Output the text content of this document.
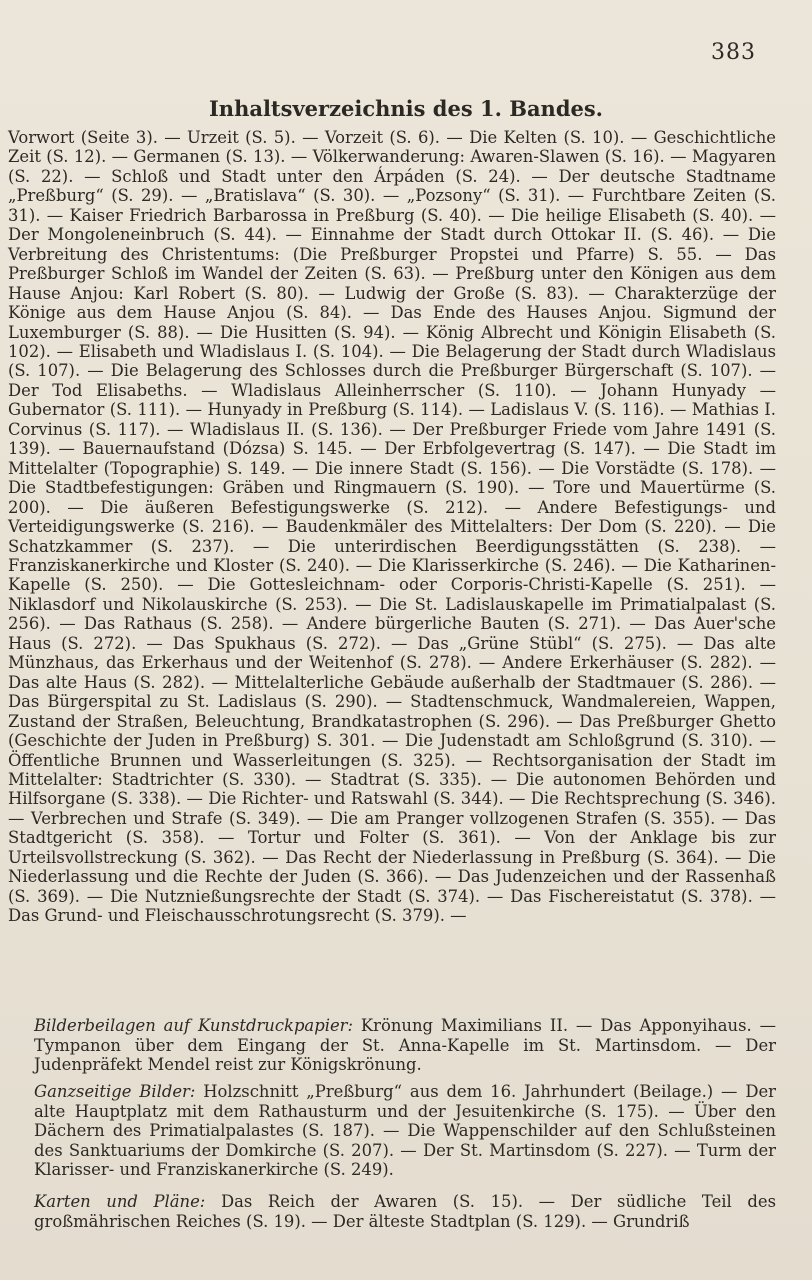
383
Inhaltsverzeichnis des 1. Bandes.

Vorwort (Seite 3). — Urzeit (S. 5). — Vorzeit (S. 6). — Die Kelten (S. 10). — Geschichtliche Zeit (S. 12). — Germanen (S. 13). — Völkerwanderung: Awaren-Slawen (S. 16). — Magyaren (S. 22). — Schloß und Stadt unter den Árpáden (S. 24). — Der deutsche Stadtname „Preßburg“ (S. 29). — „Bratislava“ (S. 30). — „Pozsony“ (S. 31). — Furchtbare Zeiten (S. 31). — Kaiser Friedrich Barbarossa in Preßburg (S. 40). — Die heilige Elisabeth (S. 40). — Der Mongoleneinbruch (S. 44). — Einnahme der Stadt durch Ottokar II. (S. 46). — Die Verbreitung des Christentums: (Die Preßburger Propstei und Pfarre) S. 55. — Das Preßburger Schloß im Wandel der Zeiten (S. 63). — Preßburg unter den Königen aus dem Hause Anjou: Karl Robert (S. 80). — Ludwig der Große (S. 83). — Charakterzüge der Könige aus dem Hause Anjou (S. 84). — Das Ende des Hauses Anjou. Sigmund der Luxemburger (S. 88). — Die Husitten (S. 94). — König Albrecht und Königin Elisabeth (S. 102). — Elisabeth und Wladislaus I. (S. 104). — Die Belagerung der Stadt durch Wladislaus (S. 107). — Die Belagerung des Schlosses durch die Preßburger Bürgerschaft (S. 107). — Der Tod Elisabeths. — Wladislaus Alleinherrscher (S. 110). — Johann Hunyady — Gubernator (S. 111). — Hunyady in Preßburg (S. 114). — Ladislaus V. (S. 116). — Mathias I. Corvinus (S. 117). — Wladislaus II. (S. 136). — Der Preßburger Friede vom Jahre 1491 (S. 139). — Bauernaufstand (Dózsa) S. 145. — Der Erbfolgevertrag (S. 147). — Die Stadt im Mittelalter (Topographie) S. 149. — Die innere Stadt (S. 156). — Die Vorstädte (S. 178). — Die Stadtbefestigungen: Gräben und Ringmauern (S. 190). — Tore und Mauertürme (S. 200). — Die äußeren Befestigungswerke (S. 212). — Andere Befestigungs- und Verteidigungswerke (S. 216). — Baudenkmäler des Mittelalters: Der Dom (S. 220). — Die Schatzkammer (S. 237). — Die unterirdischen Beerdigungsstätten (S. 238). — Franziskanerkirche und Kloster (S. 240). — Die Klarisserkirche (S. 246). — Die Katharinen-Kapelle (S. 250). — Die Gottesleichnam- oder Corporis-Christi-Kapelle (S. 251). — Niklasdorf und Nikolauskirche (S. 253). — Die St. Ladislauskapelle im Primatialpalast (S. 256). — Das Rathaus (S. 258). — Andere bürgerliche Bauten (S. 271). — Das Auer'sche Haus (S. 272). — Das Spukhaus (S. 272). — Das „Grüne Stübl“ (S. 275). — Das alte Münzhaus, das Erkerhaus und der Weitenhof (S. 278). — Andere Erkerhäuser (S. 282). — Das alte Haus (S. 282). — Mittelalterliche Gebäude außerhalb der Stadtmauer (S. 286). — Das Bürgerspital zu St. Ladislaus (S. 290). — Stadtenschmuck, Wandmalereien, Wappen, Zustand der Straßen, Beleuchtung, Brandkatastrophen (S. 296). — Das Preßburger Ghetto (Geschichte der Juden in Preßburg) S. 301. — Die Judenstadt am Schloßgrund (S. 310). — Öffentliche Brunnen und Wasserleitungen (S. 325). — Rechtsorganisation der Stadt im Mittelalter: Stadtrichter (S. 330). — Stadtrat (S. 335). — Die autonomen Behörden und Hilfsorgane (S. 338). — Die Richter- und Ratswahl (S. 344). — Die Rechtsprechung (S. 346). — Verbrechen und Strafe (S. 349). — Die am Pranger vollzogenen Strafen (S. 355). — Das Stadtgericht (S. 358). — Tortur und Folter (S. 361). — Von der Anklage bis zur Urteilsvollstreckung (S. 362). — Das Recht der Niederlassung in Preßburg (S. 364). — Die Niederlassung und die Rechte der Juden (S. 366). — Das Judenzeichen und der Rassenhaß (S. 369). — Die Nutznießungsrechte der Stadt (S. 374). — Das Fischereistatut (S. 378). — Das Grund- und Fleischausschrotungsrecht (S. 379). —

Bilderbeilagen auf Kunstdruckpapier: Krönung Maximilians II. — Das Apponyihaus. — Tympanon über dem Eingang der St. Anna-Kapelle im St. Martinsdom. — Der Judenpräfekt Mendel reist zur Königskrönung.

Ganzseitige Bilder: Holzschnitt „Preßburg“ aus dem 16. Jahrhundert (Beilage.) — Der alte Hauptplatz mit dem Rathausturm und der Jesuitenkirche (S. 175). — Über den Dächern des Primatialpalastes (S. 187). — Die Wappenschilder auf den Schlußsteinen des Sanktuariums der Domkirche (S. 207). — Der St. Martinsdom (S. 227). — Turm der Klarisser- und Franziskanerkirche (S. 249).

Karten und Pläne: Das Reich der Awaren (S. 15). — Der südliche Teil des großmährischen Reiches (S. 19). — Der älteste Stadtplan (S. 129). — Grundriß
